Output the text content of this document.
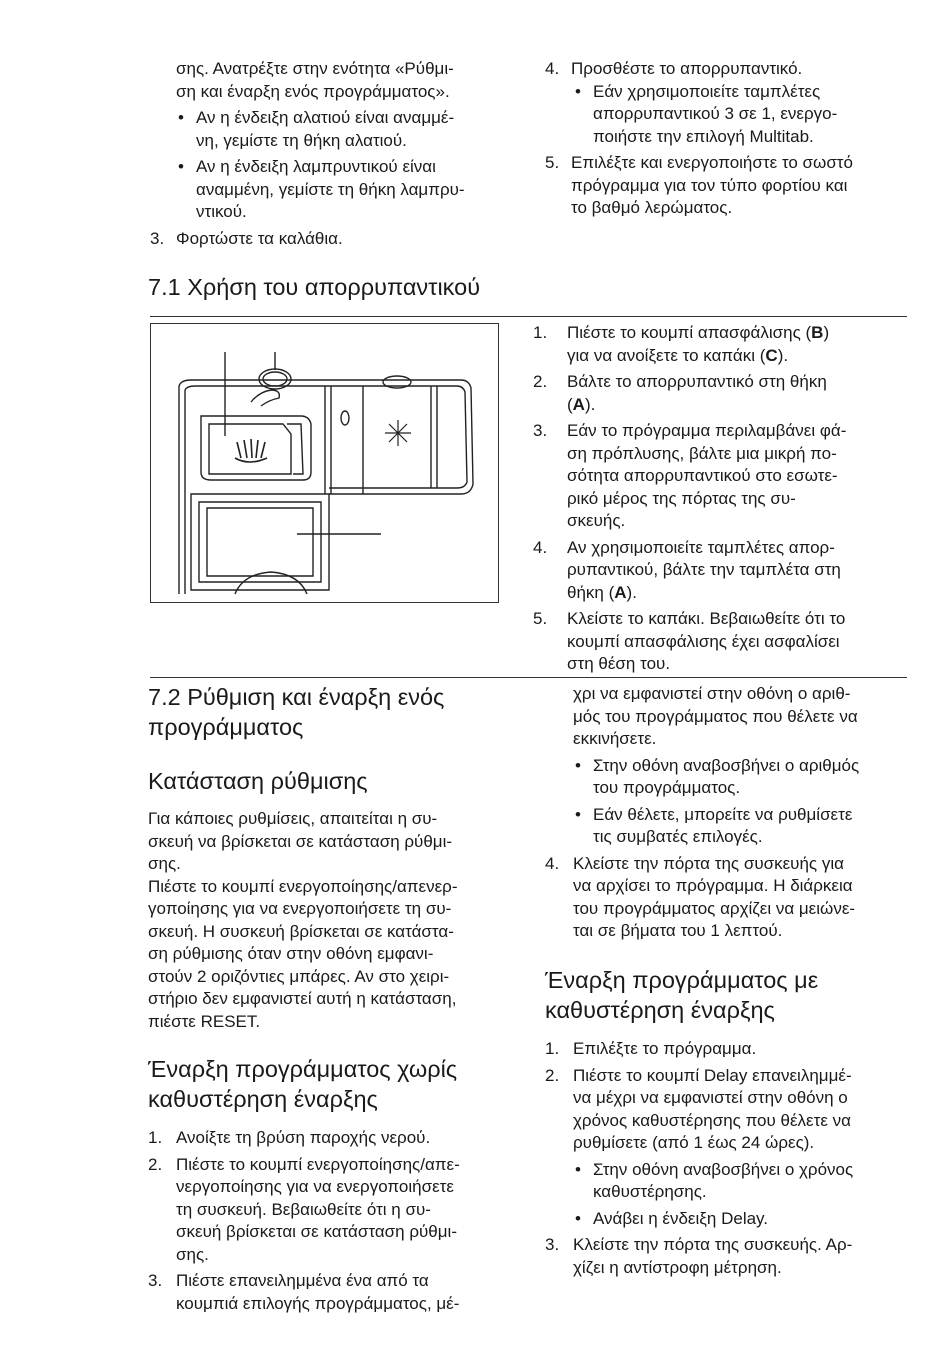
σης. Ανατρέξτε στην ενότητα «Ρύθμι-

ση και έναρξη ενός προγράμματος».

• Αν η ένδειξη αλατιού είναι αναμμέ-
νη, γεμίστε τη θήκη αλατιού.
• Αν η ένδειξη λαμπρυντικού είναι
αναμμένη, γεμίστε τη θήκη λαμπρυ-
ντικού.
3. Φορτώστε τα καλάθια.
4. Προσθέστε το απορρυπαντικό.
• Εάν χρησιμοποιείτε ταμπλέτες
απορρυπαντικού 3 σε 1, ενεργο-
ποιήστε την επιλογή Multitab.
5. Επιλέξτε και ενεργοποιήστε το σωστό
πρόγραμμα για τον τύπο φορτίου και
το βαθμό λερώματος.
7.1 Χρήση του απορρυπαντικού
1. Πιέστε το κουμπί απασφάλισης (B)
για να ανοίξετε το καπάκι (C).
2. Βάλτε το απορρυπαντικό στη θήκη
(A).
3. Εάν το πρόγραμμα περιλαμβάνει φά-
ση πρόπλυσης, βάλτε μια μικρή πο-
σότητα απορρυπαντικού στο εσωτε-
ρικό μέρος της πόρτας της συ-
σκευής.
4. Αν χρησιμοποιείτε ταμπλέτες απορ-
ρυπαντικού, βάλτε την ταμπλέτα στη
θήκη (A).
5. Κλείστε το καπάκι. Βεβαιωθείτε ότι το
κουμπί απασφάλισης έχει ασφαλίσει
στη θέση του.
7.2 Ρύθμιση και έναρξη ενός
προγράμματος
Κατάσταση ρύθμισης
Για κάποιες ρυθμίσεις, απαιτείται η συ-
σκευή να βρίσκεται σε κατάσταση ρύθμι-
σης.
Πιέστε το κουμπί ενεργοποίησης/απενερ-
γοποίησης για να ενεργοποιήσετε τη συ-
σκευή. Η συσκευή βρίσκεται σε κατάστα-
ση ρύθμισης όταν στην οθόνη εμφανι-
στούν 2 οριζόντιες μπάρες. Αν στο χειρι-
στήριο δεν εμφανιστεί αυτή η κατάσταση,
πιέστε RESET.
Έναρξη προγράμματος χωρίς
καθυστέρηση έναρξης
1. Ανοίξτε τη βρύση παροχής νερού.
2. Πιέστε το κουμπί ενεργοποίησης/απε-
νεργοποίησης για να ενεργοποιήσετε
τη συσκευή. Βεβαιωθείτε ότι η συ-
σκευή βρίσκεται σε κατάσταση ρύθμι-
σης.
3. Πιέστε επανειλημμένα ένα από τα
κουμπιά επιλογής προγράμματος, μέ-
χρι να εμφανιστεί στην οθόνη ο αριθ-
μός του προγράμματος που θέλετε να
εκκινήσετε.
• Στην οθόνη αναβοσβήνει ο αριθμός
του προγράμματος.
• Εάν θέλετε, μπορείτε να ρυθμίσετε
τις συμβατές επιλογές.
4. Κλείστε την πόρτα της συσκευής για
να αρχίσει το πρόγραμμα. Η διάρκεια
του προγράμματος αρχίζει να μειώνε-
ται σε βήματα του 1 λεπτού.
Έναρξη προγράμματος με
καθυστέρηση έναρξης
1. Επιλέξτε το πρόγραμμα.
2. Πιέστε το κουμπί Delay επανειλημμέ-
να μέχρι να εμφανιστεί στην οθόνη ο
χρόνος καθυστέρησης που θέλετε να
ρυθμίσετε (από 1 έως 24 ώρες).
• Στην οθόνη αναβοσβήνει ο χρόνος
καθυστέρησης.
• Ανάβει η ένδειξη Delay.
3. Κλείστε την πόρτα της συσκευής. Αρ-
χίζει η αντίστροφη μέτρηση.
